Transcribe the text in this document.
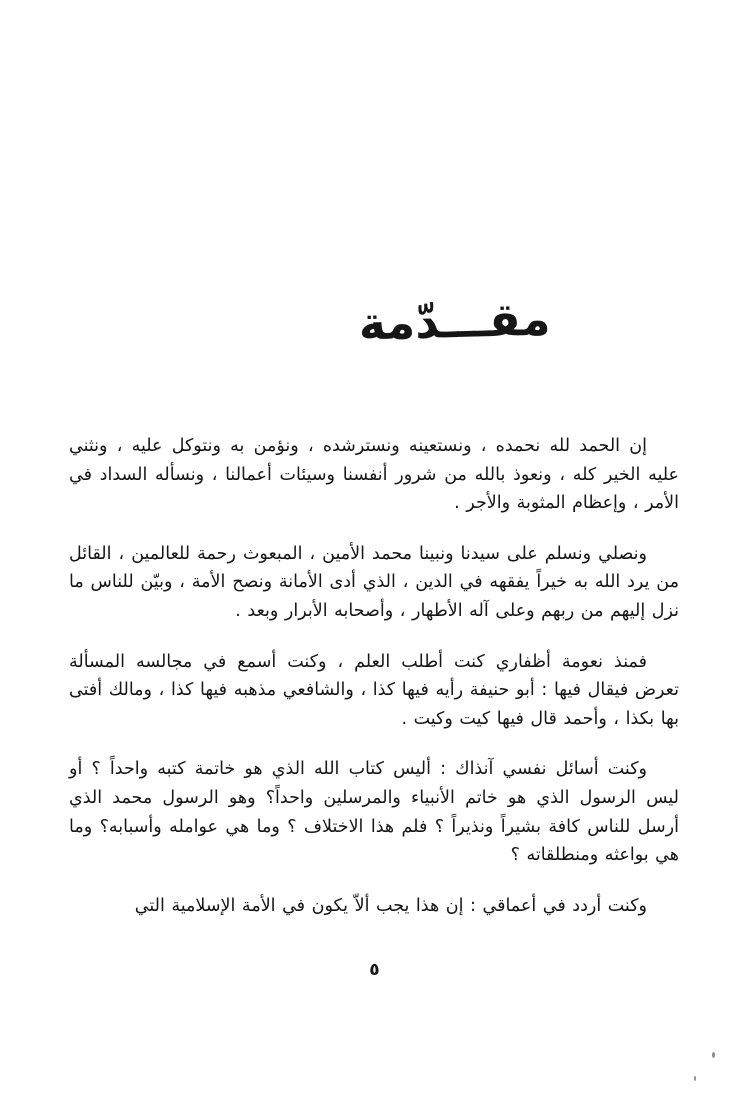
مقـــدّمة

إن الحمد لله نحمده ، ونستعينه ونسترشده ، ونؤمن به ونتوكل عليه ، ونثني عليه الخير كله ، ونعوذ بالله من شرور أنفسنا وسيئات أعمالنا ، ونسأله السداد في الأمر ، وإعظام المثوبة والأجر .

ونصلي ونسلم على سيدنا ونبينا محمد الأمين ، المبعوث رحمة للعالمين ، القائل من يرد الله به خيراً يفقهه في الدين ، الذي أدى الأمانة ونصح الأمة ، وبيّن للناس ما نزل إليهم من ربهم وعلى آله الأطهار ، وأصحابه الأبرار وبعد .

فمنذ نعومة أظفاري كنت أطلب العلم ، وكنت أسمع في مجالسه المسألة تعرض فيقال فيها : أبو حنيفة رأيه فيها كذا ، والشافعي مذهبه فيها كذا ، ومالك أفتى بها بكذا ، وأحمد قال فيها كيت وكيت .

وكنت أسائل نفسي آنذاك : أليس كتاب الله الذي هو خاتمة كتبه واحداً ؟ أو ليس الرسول الذي هو خاتم الأنبياء والمرسلين واحداً؟ وهو الرسول محمد الذي أرسل للناس كافة بشيراً ونذيراً ؟ فلم هذا الاختلاف ؟ وما هي عوامله وأسبابه؟ وما هي بواعثه ومنطلقاته ؟

وكنت أردد في أعماقي : إن هذا يجب ألاّ يكون في الأمة الإسلامية التي

٥
